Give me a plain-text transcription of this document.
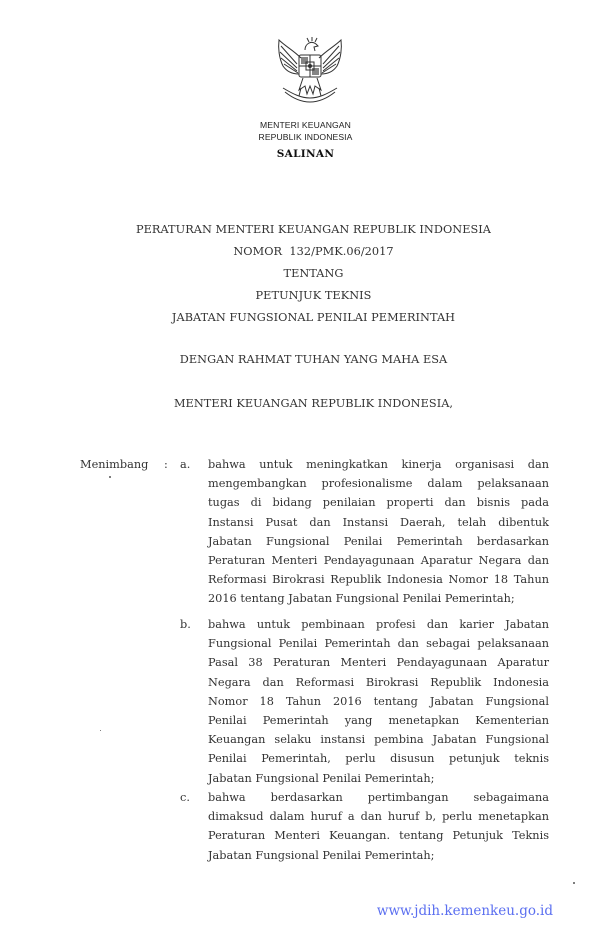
MENTERI KEUANGAN
REPUBLIK INDONESIA
SALINAN
PERATURAN MENTERI KEUANGAN REPUBLIK INDONESIA
NOMOR  132/PMK.06/2017
TENTANG
PETUNJUK TEKNIS
JABATAN FUNGSIONAL PENILAI PEMERINTAH
DENGAN RAHMAT TUHAN YANG MAHA ESA
MENTERI KEUANGAN REPUBLIK INDONESIA,
Menimbang : a. bahwa untuk meningkatkan kinerja organisasi dan
mengembangkan profesionalisme dalam pelaksanaan
tugas di bidang penilaian properti dan bisnis pada
Instansi Pusat dan Instansi Daerah, telah dibentuk
Jabatan Fungsional Penilai Pemerintah berdasarkan
Peraturan Menteri Pendayagunaan Aparatur Negara dan
Reformasi Birokrasi Republik Indonesia Nomor 18 Tahun
2016 tentang Jabatan Fungsional Penilai Pemerintah;
b. bahwa untuk pembinaan profesi dan karier Jabatan
Fungsional Penilai Pemerintah dan sebagai pelaksanaan
Pasal 38 Peraturan Menteri Pendayagunaan Aparatur
Negara dan Reformasi Birokrasi Republik Indonesia
Nomor 18 Tahun 2016 tentang Jabatan Fungsional
Penilai Pemerintah yang menetapkan Kementerian
Keuangan selaku instansi pembina Jabatan Fungsional
Penilai Pemerintah, perlu disusun petunjuk teknis
Jabatan Fungsional Penilai Pemerintah;
c. bahwa berdasarkan pertimbangan sebagaimana
dimaksud dalam huruf a dan huruf b, perlu menetapkan
Peraturan Menteri Keuangan. tentang Petunjuk Teknis
Jabatan Fungsional Penilai Pemerintah;
www.jdih.kemenkeu.go.id
